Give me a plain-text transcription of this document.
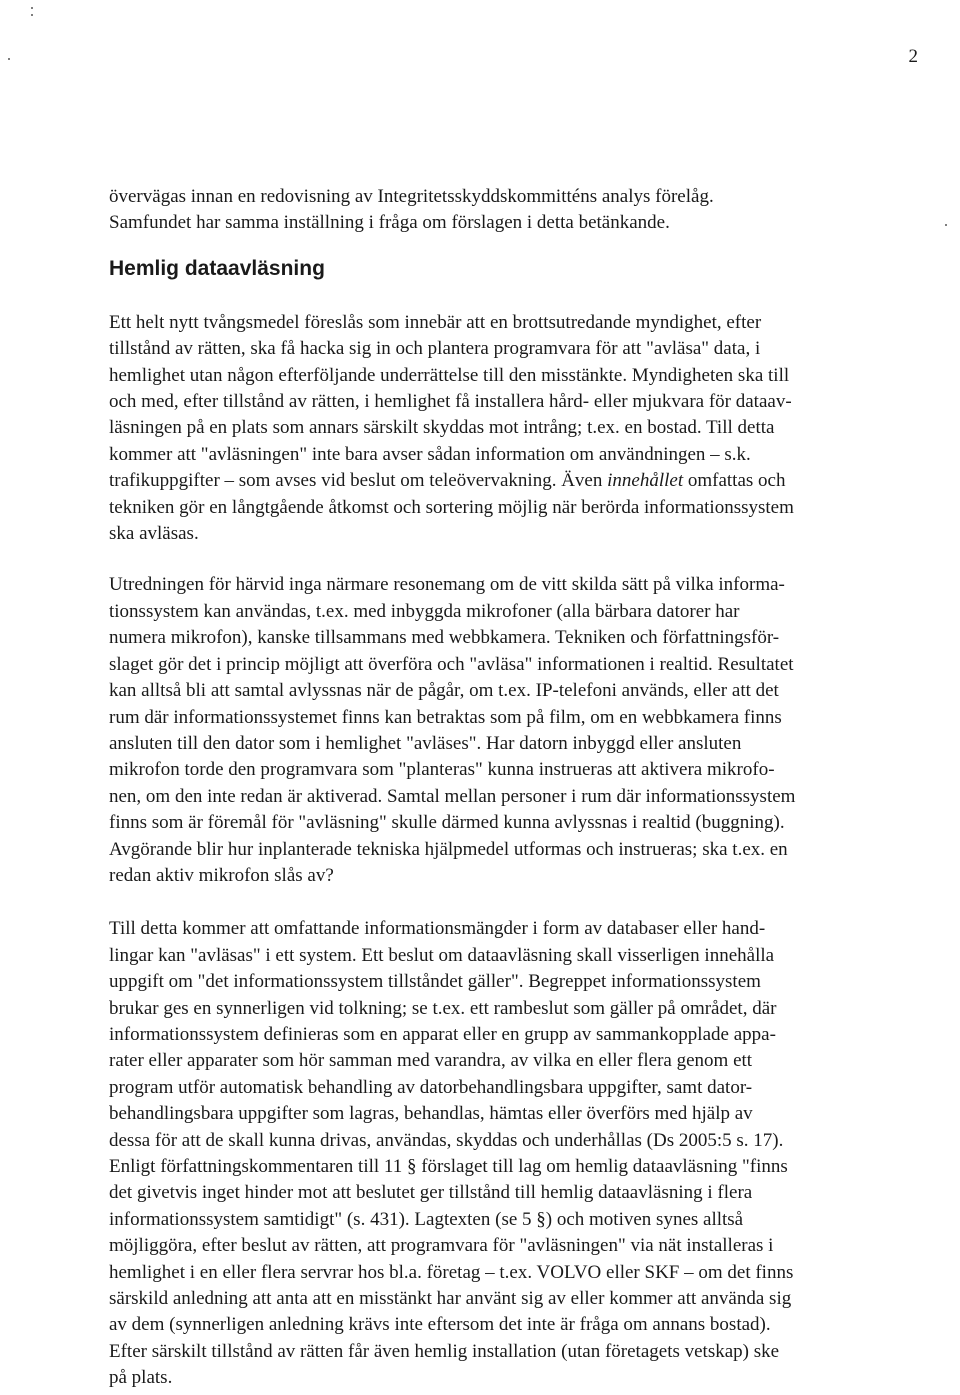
2

övervägas innan en redovisning av Integritetsskyddskommitténs analys förelåg.
Samfundet har samma inställning i fråga om förslagen i detta betänkande.

Hemlig dataavläsning

Ett helt nytt tvångsmedel föreslås som innebär att en brottsutredande myndighet, efter
tillstånd av rätten, ska få hacka sig in och plantera programvara för att "avläsa" data, i
hemlighet utan någon efterföljande underrättelse till den misstänkte. Myndigheten ska till
och med, efter tillstånd av rätten, i hemlighet få installera hård- eller mjukvara för dataav-
läsningen på en plats som annars särskilt skyddas mot intrång; t.ex. en bostad. Till detta
kommer att "avläsningen" inte bara avser sådan information om användningen – s.k.
trafikuppgifter – som avses vid beslut om teleövervakning. Även innehållet omfattas och
tekniken gör en långtgående åtkomst och sortering möjlig när berörda informationssystem
ska avläsas.

Utredningen för härvid inga närmare resonemang om de vitt skilda sätt på vilka informa-
tionssystem kan användas, t.ex. med inbyggda mikrofoner (alla bärbara datorer har
numera mikrofon), kanske tillsammans med webbkamera. Tekniken och författningsför-
slaget gör det i princip möjligt att överföra och "avläsa" informationen i realtid. Resultatet
kan alltså bli att samtal avlyssnas när de pågår, om t.ex. IP-telefoni används, eller att det
rum där informationssystemet finns kan betraktas som på film, om en webbkamera finns
ansluten till den dator som i hemlighet "avläses". Har datorn inbyggd eller ansluten
mikrofon torde den programvara som "planteras" kunna instrueras att aktivera mikrofo-
nen, om den inte redan är aktiverad. Samtal mellan personer i rum där informationssystem
finns som är föremål för "avläsning" skulle därmed kunna avlyssnas i realtid (buggning).
Avgörande blir hur inplanterade tekniska hjälpmedel utformas och instrueras; ska t.ex. en
redan aktiv mikrofon slås av?

Till detta kommer att omfattande informationsmängder i form av databaser eller hand-
lingar kan "avläsas" i ett system. Ett beslut om dataavläsning skall visserligen innehålla
uppgift om "det informationssystem tillståndet gäller". Begreppet informationssystem
brukar ges en synnerligen vid tolkning; se t.ex. ett rambeslut som gäller på området, där
informationssystem definieras som en apparat eller en grupp av sammankopplade appa-
rater eller apparater som hör samman med varandra, av vilka en eller flera genom ett
program utför automatisk behandling av datorbehandlingsbara uppgifter, samt dator-
behandlingsbara uppgifter som lagras, behandlas, hämtas eller överförs med hjälp av
dessa för att de skall kunna drivas, användas, skyddas och underhållas (Ds 2005:5 s. 17).
Enligt författningskommentaren till 11 § förslaget till lag om hemlig dataavläsning "finns
det givetvis inget hinder mot att beslutet ger tillstånd till hemlig dataavläsning i flera
informationssystem samtidigt" (s. 431). Lagtexten (se 5 §) och motiven synes alltså
möjliggöra, efter beslut av rätten, att programvara för "avläsningen" via nät installeras i
hemlighet i en eller flera servrar hos bl.a. företag – t.ex. VOLVO eller SKF – om det finns
särskild anledning att anta att en misstänkt har använt sig av eller kommer att använda sig
av dem (synnerligen anledning krävs inte eftersom det inte är fråga om annans bostad).
Efter särskilt tillstånd av rätten får även hemlig installation (utan företagets vetskap) ske
på plats.
